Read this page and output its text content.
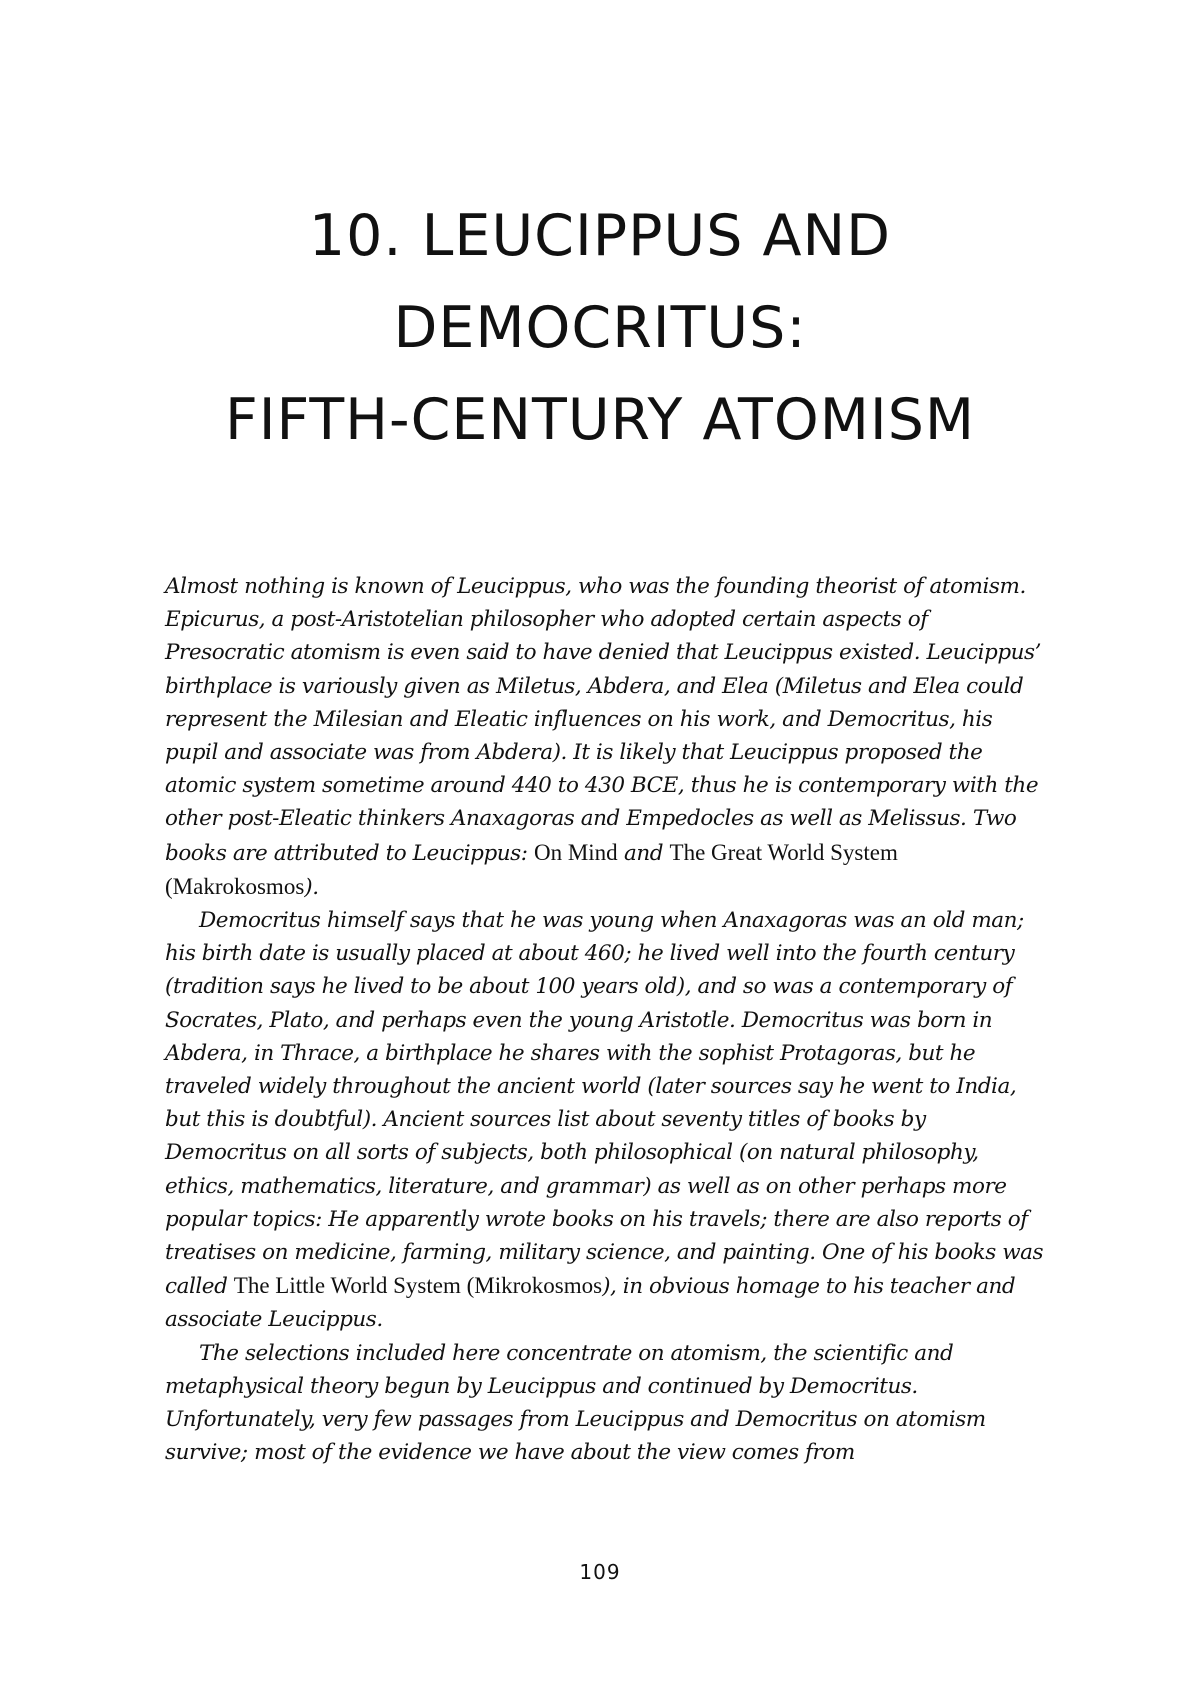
10. LEUCIPPUS AND
DEMOCRITUS:
FIFTH-CENTURY ATOMISM

Almost nothing is known of Leucippus, who was the founding theorist of atomism. Epicurus, a post-Aristotelian philosopher who adopted certain aspects of Presocratic atomism is even said to have denied that Leucippus existed. Leucippus’ birthplace is variously given as Miletus, Abdera, and Elea (Miletus and Elea could represent the Milesian and Eleatic influences on his work, and Democritus, his pupil and associate was from Abdera). It is likely that Leucippus proposed the atomic system sometime around 440 to 430 BCE, thus he is contemporary with the other post-Eleatic thinkers Anaxagoras and Empedocles as well as Melissus. Two books are attributed to Leucippus: On Mind and The Great World System (Makrokosmos).

Democritus himself says that he was young when Anaxagoras was an old man; his birth date is usually placed at about 460; he lived well into the fourth century (tradition says he lived to be about 100 years old), and so was a contemporary of Socrates, Plato, and perhaps even the young Aristotle. Democritus was born in Abdera, in Thrace, a birthplace he shares with the sophist Protagoras, but he traveled widely throughout the ancient world (later sources say he went to India, but this is doubtful). Ancient sources list about seventy titles of books by Democritus on all sorts of subjects, both philosophical (on natural philosophy, ethics, mathematics, literature, and grammar) as well as on other perhaps more popular topics: He apparently wrote books on his travels; there are also reports of treatises on medicine, farming, military science, and painting. One of his books was called The Little World System (Mikrokosmos), in obvious homage to his teacher and associate Leucippus.

The selections included here concentrate on atomism, the scientific and metaphysical theory begun by Leucippus and continued by Democritus. Unfortunately, very few passages from Leucippus and Democritus on atomism survive; most of the evidence we have about the view comes from

109
